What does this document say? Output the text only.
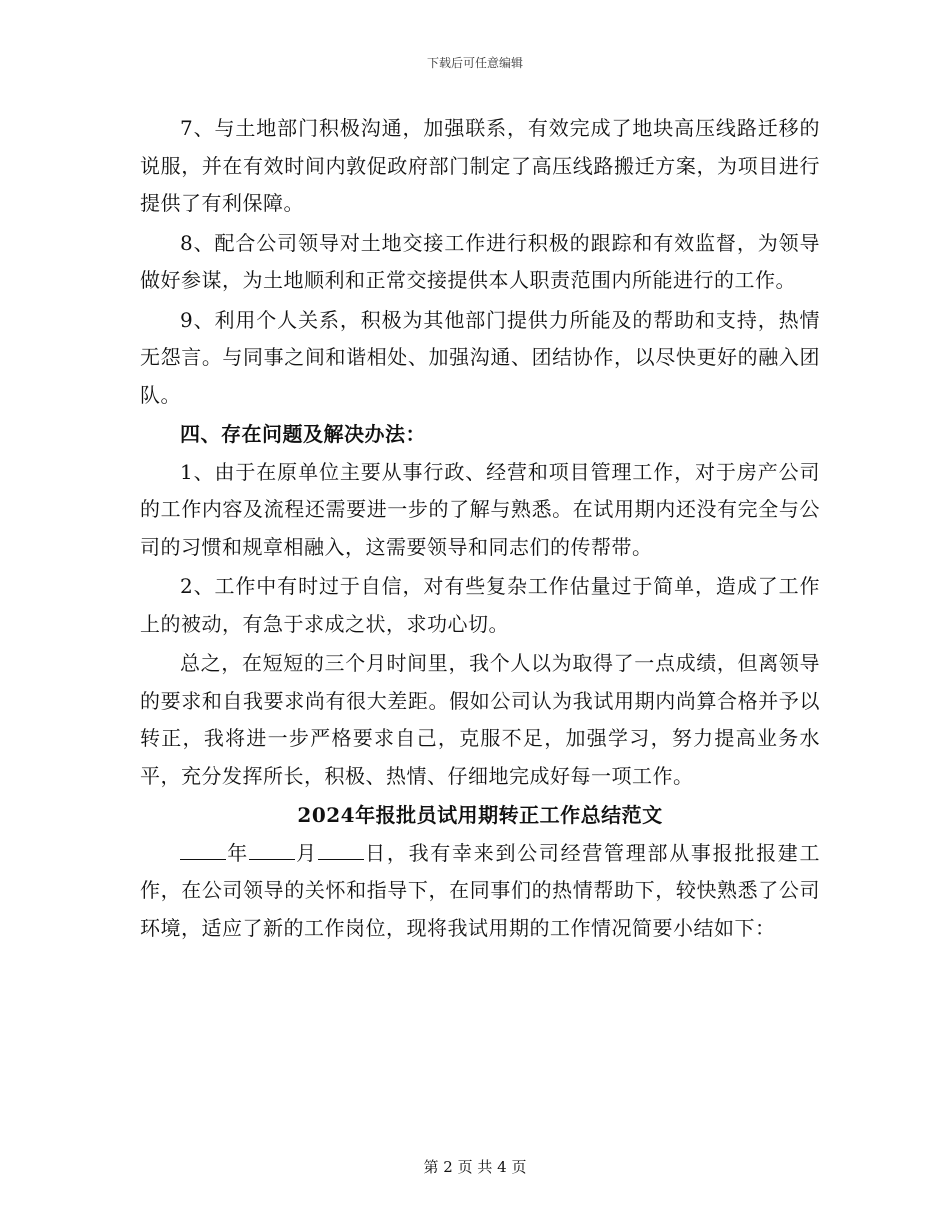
下载后可任意编辑

7、与土地部门积极沟通，加强联系，有效完成了地块高压线路迁移的说服，并在有效时间内敦促政府部门制定了高压线路搬迁方案，为项目进行提供了有利保障。

8、配合公司领导对土地交接工作进行积极的跟踪和有效监督，为领导做好参谋，为土地顺利和正常交接提供本人职责范围内所能进行的工作。

9、利用个人关系，积极为其他部门提供力所能及的帮助和支持，热情无怨言。与同事之间和谐相处、加强沟通、团结协作，以尽快更好的融入团队。

四、存在问题及解决办法：

1、由于在原单位主要从事行政、经营和项目管理工作，对于房产公司的工作内容及流程还需要进一步的了解与熟悉。在试用期内还没有完全与公司的习惯和规章相融入，这需要领导和同志们的传帮带。

2、工作中有时过于自信，对有些复杂工作估量过于简单，造成了工作上的被动，有急于求成之状，求功心切。

总之，在短短的三个月时间里，我个人以为取得了一点成绩，但离领导的要求和自我要求尚有很大差距。假如公司认为我试用期内尚算合格并予以转正，我将进一步严格要求自己，克服不足，加强学习，努力提高业务水平，充分发挥所长，积极、热情、仔细地完成好每一项工作。

2024年报批员试用期转正工作总结范文

年 月 日，我有幸来到公司经营管理部从事报批报建工作，在公司领导的关怀和指导下，在同事们的热情帮助下，较快熟悉了公司环境，适应了新的工作岗位，现将我试用期的工作情况简要小结如下：

第 2 页 共 4 页
